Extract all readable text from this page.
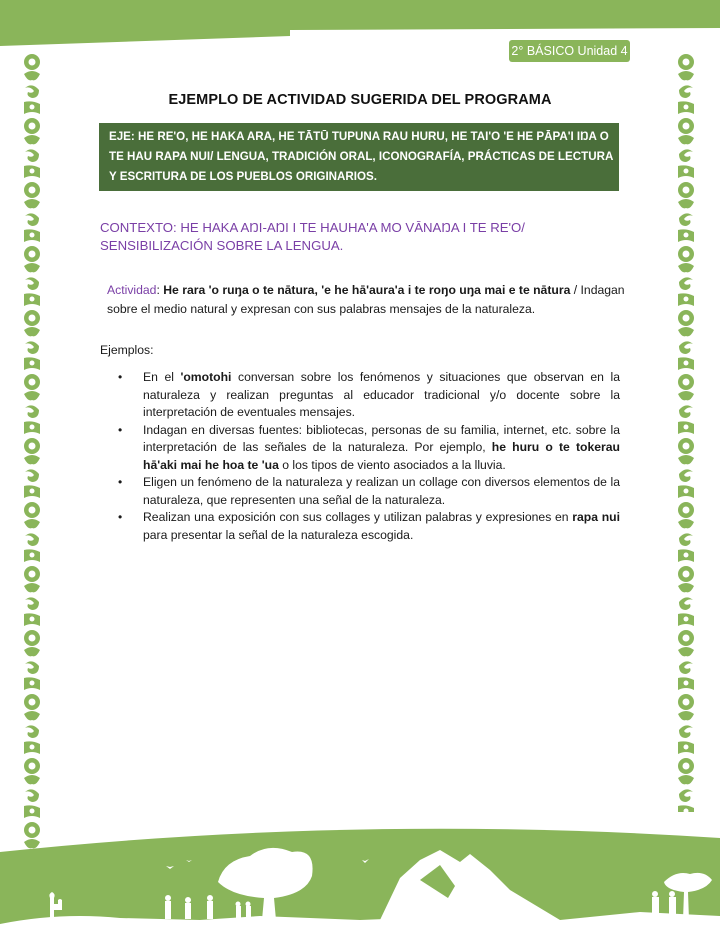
2° BÁSICO Unidad 4
EJEMPLO DE ACTIVIDAD SUGERIDA DEL PROGRAMA
EJE: HE RE'O, HE HAKA ARA, HE TĀTŪ TUPUNA RAU HURU, HE TAI'O 'E HE PĀPA'I IŊA O TE HAU RAPA NUI/ LENGUA, TRADICIÓN ORAL, ICONOGRAFÍA, PRÁCTICAS DE LECTURA Y ESCRITURA DE LOS PUEBLOS ORIGINARIOS.
CONTEXTO: HE HAKA AŊI-AŊI I TE HAUHA'A MO VĀNAŊA I TE RE'O/ SENSIBILIZACIÓN SOBRE LA LENGUA.
Actividad: He rara 'o ruŋa o te nātura, 'e he hā'aura'a i te roŋo uŋa mai e te nātura / Indagan sobre el medio natural y expresan con sus palabras mensajes de la naturaleza.
Ejemplos:
• En el 'omotohi conversan sobre los fenómenos y situaciones que observan en la naturaleza y realizan preguntas al educador tradicional y/o docente sobre la interpretación de eventuales mensajes.
• Indagan en diversas fuentes: bibliotecas, personas de su familia, internet, etc. sobre la interpretación de las señales de la naturaleza. Por ejemplo, he huru o te tokerau hā'aki mai he hoa te 'ua o los tipos de viento asociados a la lluvia.
• Eligen un fenómeno de la naturaleza y realizan un collage con diversos elementos de la naturaleza, que representen una señal de la naturaleza.
• Realizan una exposición con sus collages y utilizan palabras y expresiones en rapa nui para presentar la señal de la naturaleza escogida.
